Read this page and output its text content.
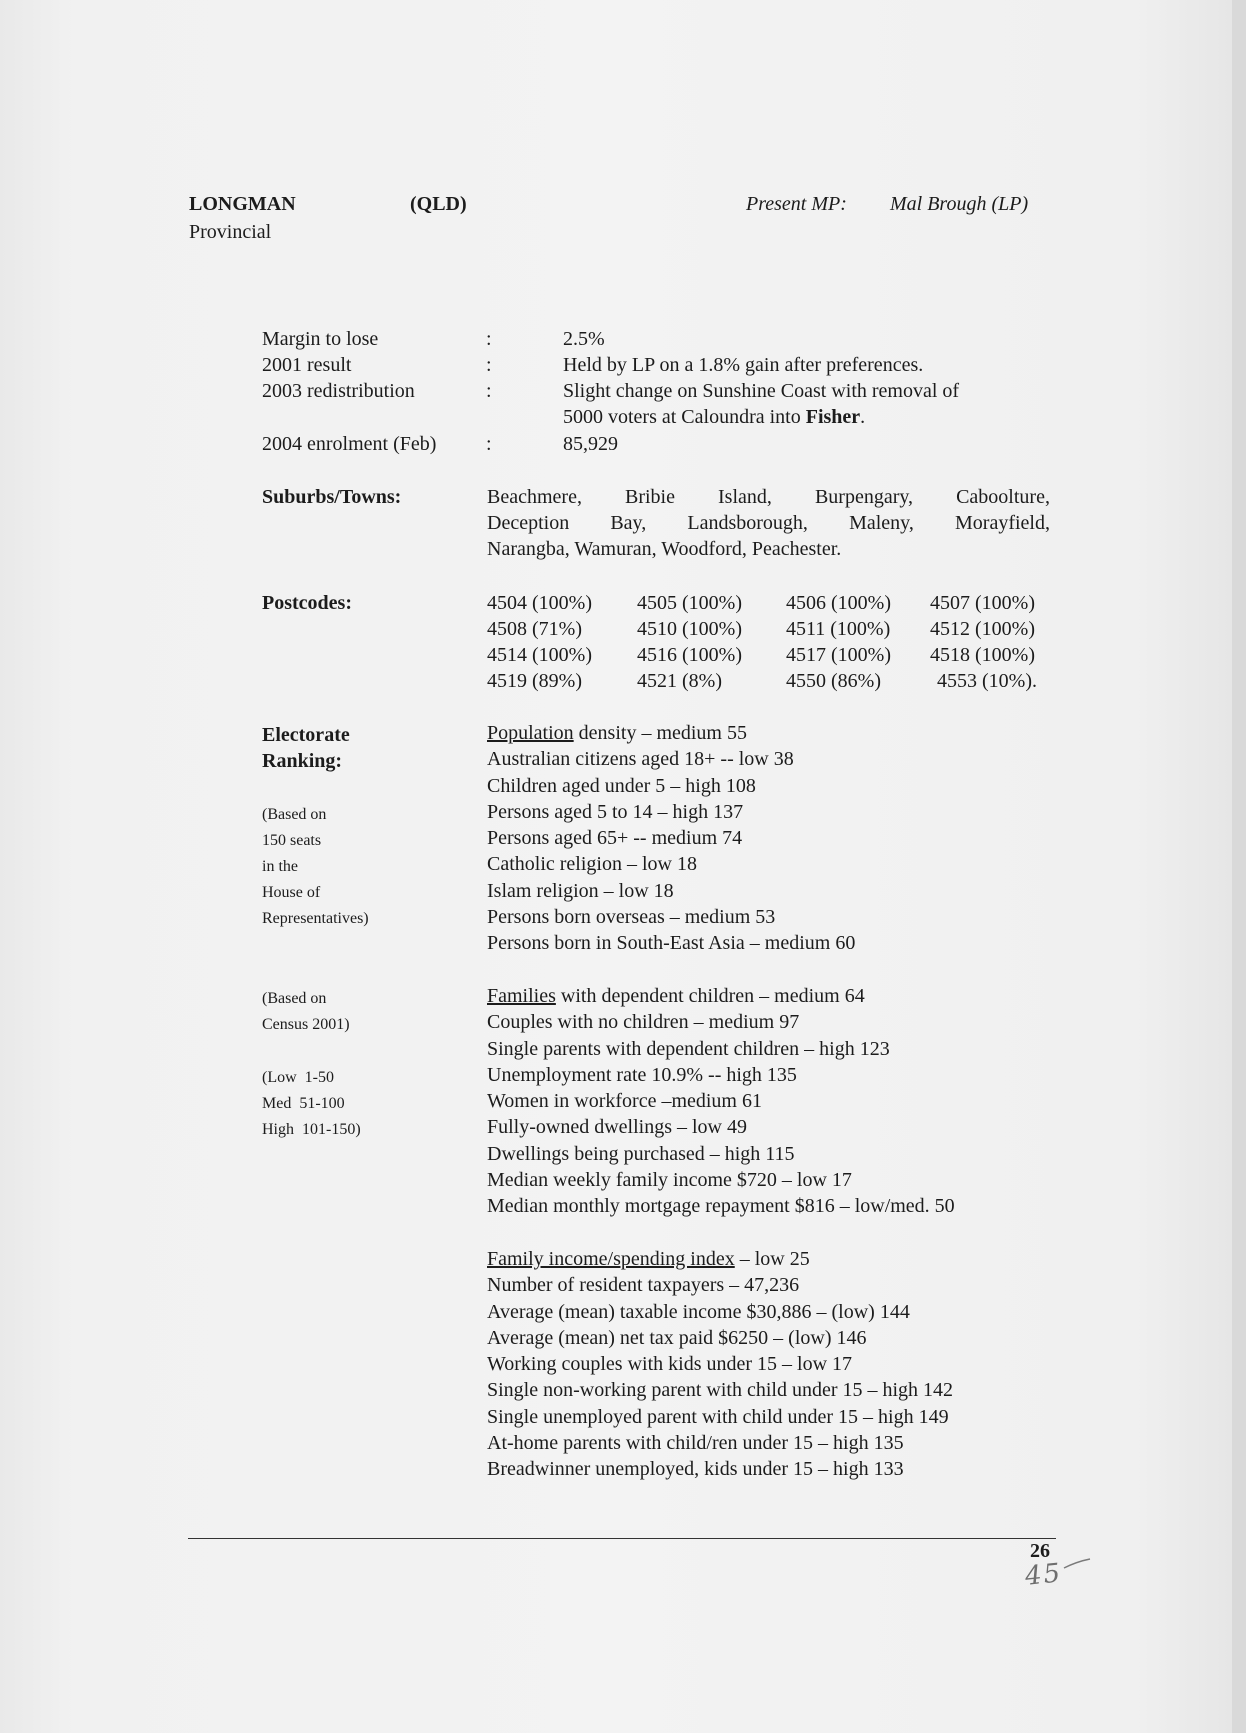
LONGMAN	(QLD)
Provincial
Present MP: Mal Brough (LP)
Margin to lose	:	2.5%
2001 result	:	Held by LP on a 1.8% gain after preferences.
2003 redistribution	:	Slight change on Sunshine Coast with removal of
5000 voters at Caloundra into Fisher.
2004 enrolment (Feb) :	85,929
Suburbs/Towns:	Beachmere, Bribie Island, Burpengary, Caboolture,
Deception Bay, Landsborough, Maleny, Morayfield,
Narangba, Wamuran, Woodford, Peachester.
Postcodes:	4504 (100%) 4505 (100%) 4506 (100%) 4507 (100%)
4508 (71%)	4510 (100%) 4511 (100%) 4512 (100%)
4514 (100%) 4516 (100%) 4517 (100%) 4518 (100%)
4519 (89%)	4521 (8%)	4550 (86%)	4553 (10%).
Electorate
Ranking:
(Based on
150 seats
in the
House of
Representatives)
(Based on
Census 2001)
(Low  1-50
Med  51-100
High  101-150)
Population density – medium 55
Australian citizens aged 18+ -- low 38
Children aged under 5 – high 108
Persons aged 5 to 14 – high 137
Persons aged 65+ -- medium 74
Catholic religion – low 18
Islam religion – low 18
Persons born overseas – medium 53
Persons born in South-East Asia – medium 60
Families with dependent children – medium 64
Couples with no children – medium 97
Single parents with dependent children – high 123
Unemployment rate 10.9% -- high 135
Women in workforce –medium 61
Fully-owned dwellings – low 49
Dwellings being purchased – high 115
Median weekly family income $720 – low 17
Median monthly mortgage repayment $816 – low/med. 50
Family income/spending index – low 25
Number of resident taxpayers – 47,236
Average (mean) taxable income $30,886 – (low) 144
Average (mean) net tax paid $6250 – (low) 146
Working couples with kids under 15 – low 17
Single non-working parent with child under 15 – high 142
Single unemployed parent with child under 15 – high 149
At-home parents with child/ren under 15 – high 135
Breadwinner unemployed, kids under 15 – high 133
26
45
